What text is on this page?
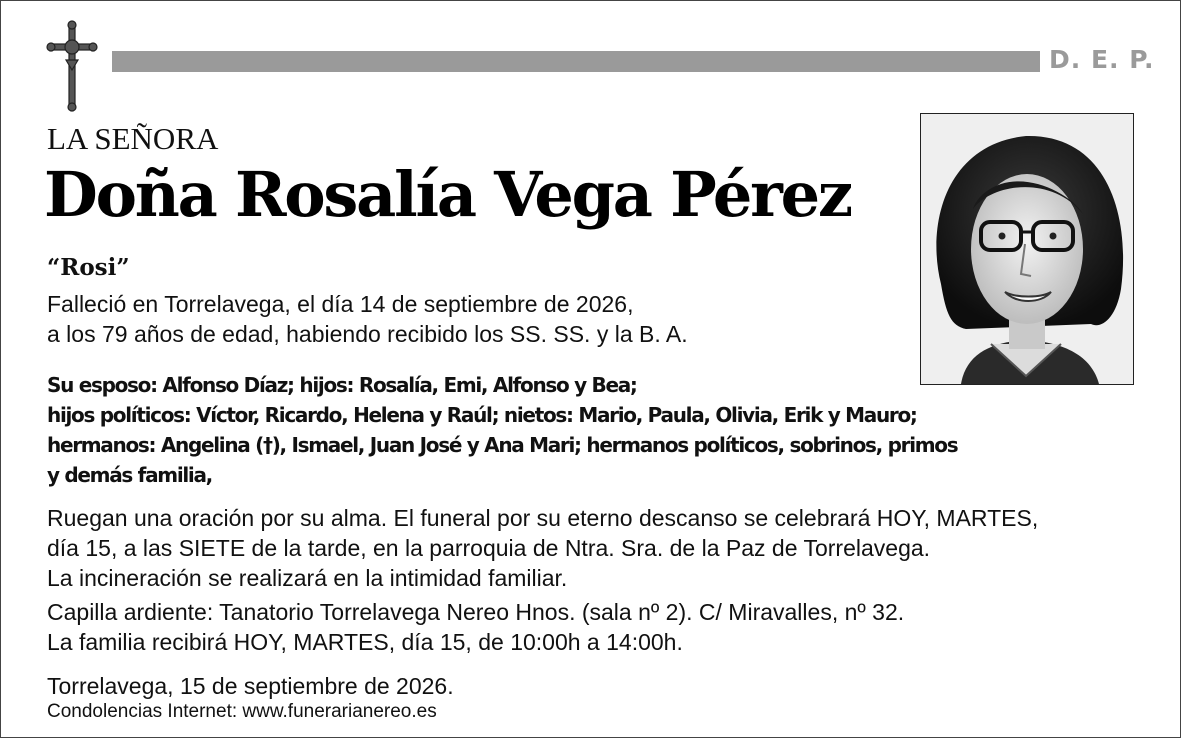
D. E. P.
LA SEÑORA
Doña Rosalía Vega Pérez
“Rosi”
Falleció en Torrelavega, el día 14 de septiembre de 2026,
a los 79 años de edad, habiendo recibido los SS. SS. y la B. A.
Su esposo: Alfonso Díaz; hijos: Rosalía, Emi, Alfonso y Bea;
hijos políticos: Víctor, Ricardo, Helena y Raúl; nietos: Mario, Paula, Olivia, Erik y Mauro;
hermanos: Angelina (†), Ismael, Juan José y Ana Mari; hermanos políticos, sobrinos, primos
y demás familia,
Ruegan una oración por su alma. El funeral por su eterno descanso se celebrará HOY, MARTES,
día 15, a las SIETE de la tarde, en la parroquia de Ntra. Sra. de la Paz de Torrelavega.
La incineración se realizará en la intimidad familiar.
Capilla ardiente: Tanatorio Torrelavega Nereo Hnos. (sala nº 2). C/ Miravalles, nº 32.
La familia recibirá HOY, MARTES, día 15, de 10:00h a 14:00h.
Torrelavega, 15 de septiembre de 2026.
Condolencias Internet: www.funerarianereo.es
